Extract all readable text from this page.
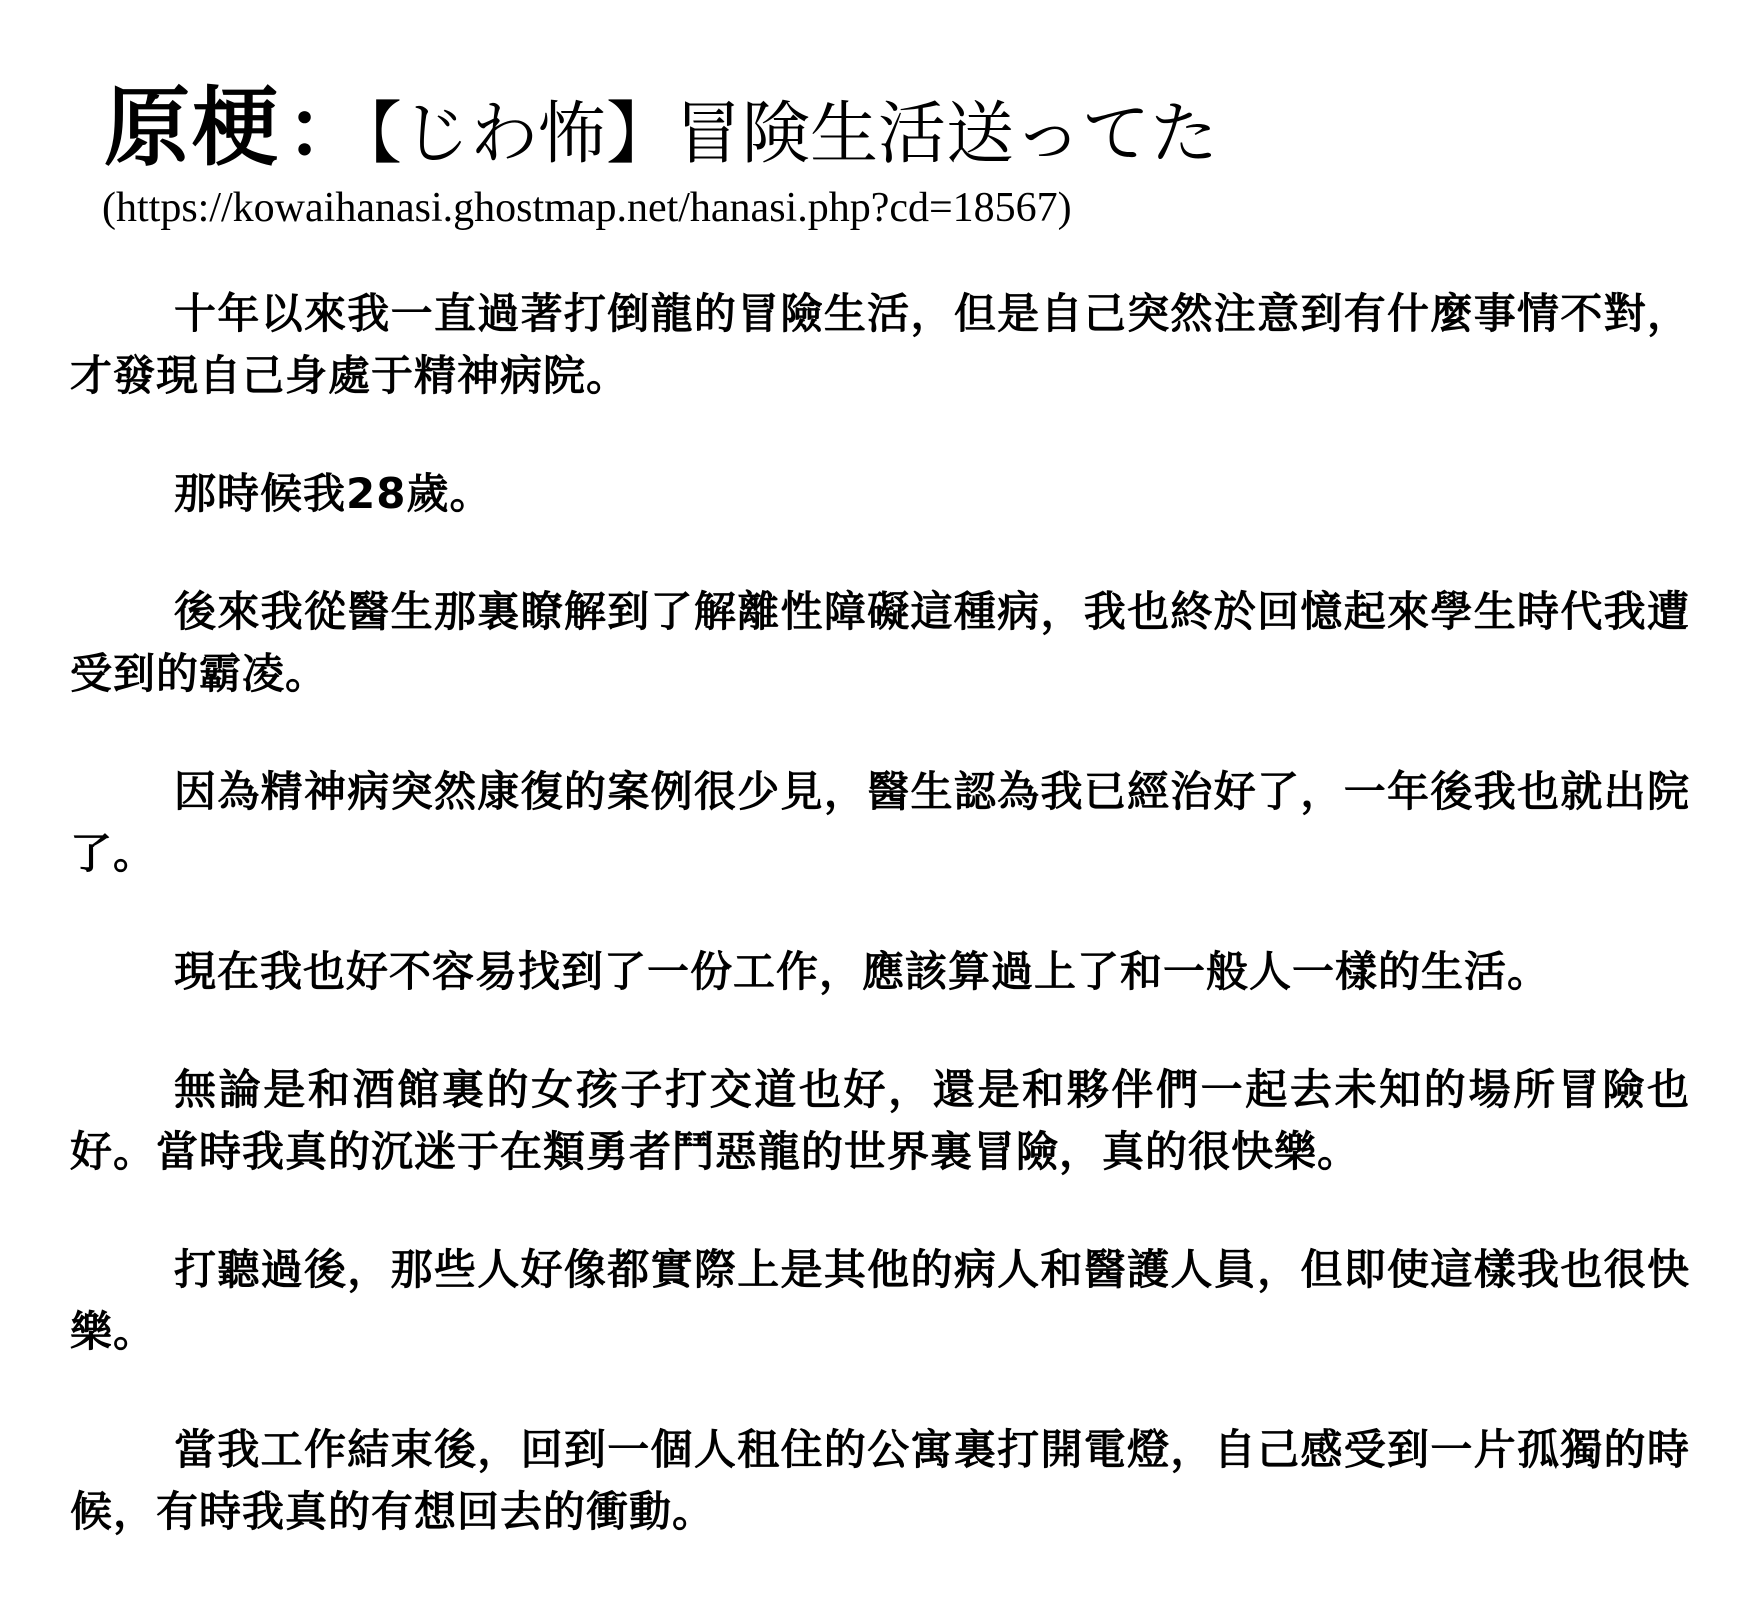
原梗：【じわ怖】冒険生活送ってた
(https://kowaihanasi.ghostmap.net/hanasi.php?cd=18567)

十年以來我一直過著打倒龍的冒險生活，但是自己突然注意到有什麼事情不對，才發現自己身處于精神病院。

那時候我28歲。

後來我從醫生那裏瞭解到了解離性障礙這種病，我也終於回憶起來學生時代我遭受到的霸凌。

因為精神病突然康復的案例很少見，醫生認為我已經治好了，一年後我也就出院了。

現在我也好不容易找到了一份工作，應該算過上了和一般人一樣的生活。

無論是和酒館裏的女孩子打交道也好，還是和夥伴們一起去未知的場所冒險也好。當時我真的沉迷于在類勇者鬥惡龍的世界裏冒險，真的很快樂。

打聽過後，那些人好像都實際上是其他的病人和醫護人員，但即使這樣我也很快樂。

當我工作結束後，回到一個人租住的公寓裏打開電燈，自己感受到一片孤獨的時候，有時我真的有想回去的衝動。
